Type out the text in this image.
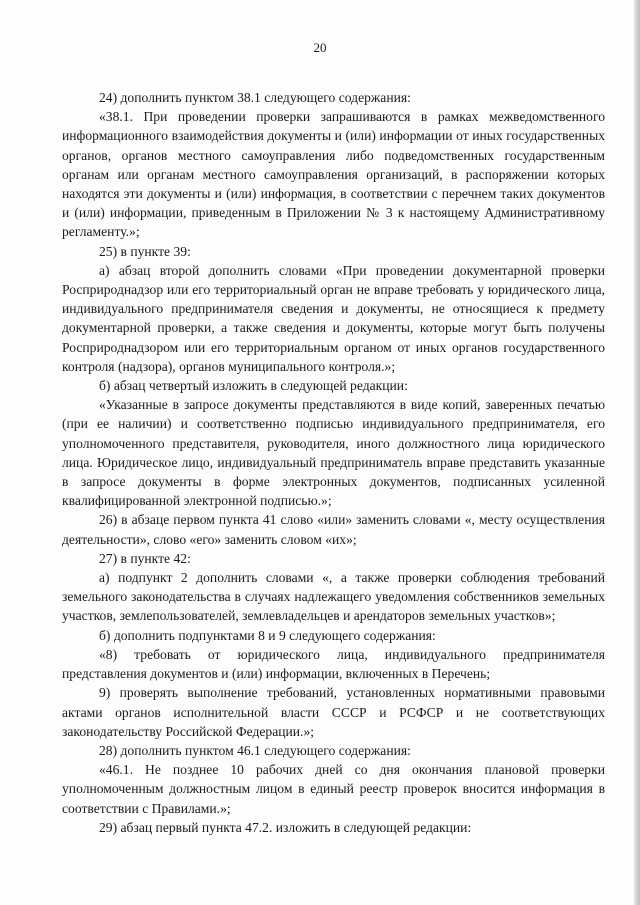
20

24) дополнить пунктом 38.1 следующего содержания:

«38.1. При проведении проверки запрашиваются в рамках межведомственного информационного взаимодействия документы и (или) информации от иных государственных органов, органов местного самоуправления либо подведомственных государственным органам или органам местного самоуправления организаций, в распоряжении которых находятся эти документы и (или) информация, в соответствии с перечнем таких документов и (или) информации, приведенным в Приложении № 3 к настоящему Административному регламенту.»;

25) в пункте 39:

а) абзац второй дополнить словами «При проведении документарной проверки Росприроднадзор или его территориальный орган не вправе требовать у юридического лица, индивидуального предпринимателя сведения и документы, не относящиеся к предмету документарной проверки, а также сведения и документы, которые могут быть получены Росприроднадзором или его территориальным органом от иных органов государственного контроля (надзора), органов муниципального контроля.»;

б) абзац четвертый изложить в следующей редакции:

«Указанные в запросе документы представляются в виде копий, заверенных печатью (при ее наличии) и соответственно подписью индивидуального предпринимателя, его уполномоченного представителя, руководителя, иного должностного лица юридического лица. Юридическое лицо, индивидуальный предприниматель вправе представить указанные в запросе документы в форме электронных документов, подписанных усиленной квалифицированной электронной подписью.»;

26) в абзаце первом пункта 41 слово «или» заменить словами «, месту осуществления деятельности», слово «его» заменить словом «их»;

27) в пункте 42:

а) подпункт 2 дополнить словами «, а также проверки соблюдения требований земельного законодательства в случаях надлежащего уведомления собственников земельных участков, землепользователей, землевладельцев и арендаторов земельных участков»;

б) дополнить подпунктами 8 и 9 следующего содержания:

«8) требовать от юридического лица, индивидуального предпринимателя представления документов и (или) информации, включенных в Перечень;

9) проверять выполнение требований, установленных нормативными правовыми актами органов исполнительной власти СССР и РСФСР и не соответствующих законодательству Российской Федерации.»;

28) дополнить пунктом 46.1 следующего содержания:

«46.1. Не позднее 10 рабочих дней со дня окончания плановой проверки уполномоченным должностным лицом в единый реестр проверок вносится информация в соответствии с Правилами.»;

29) абзац первый пункта 47.2. изложить в следующей редакции:
